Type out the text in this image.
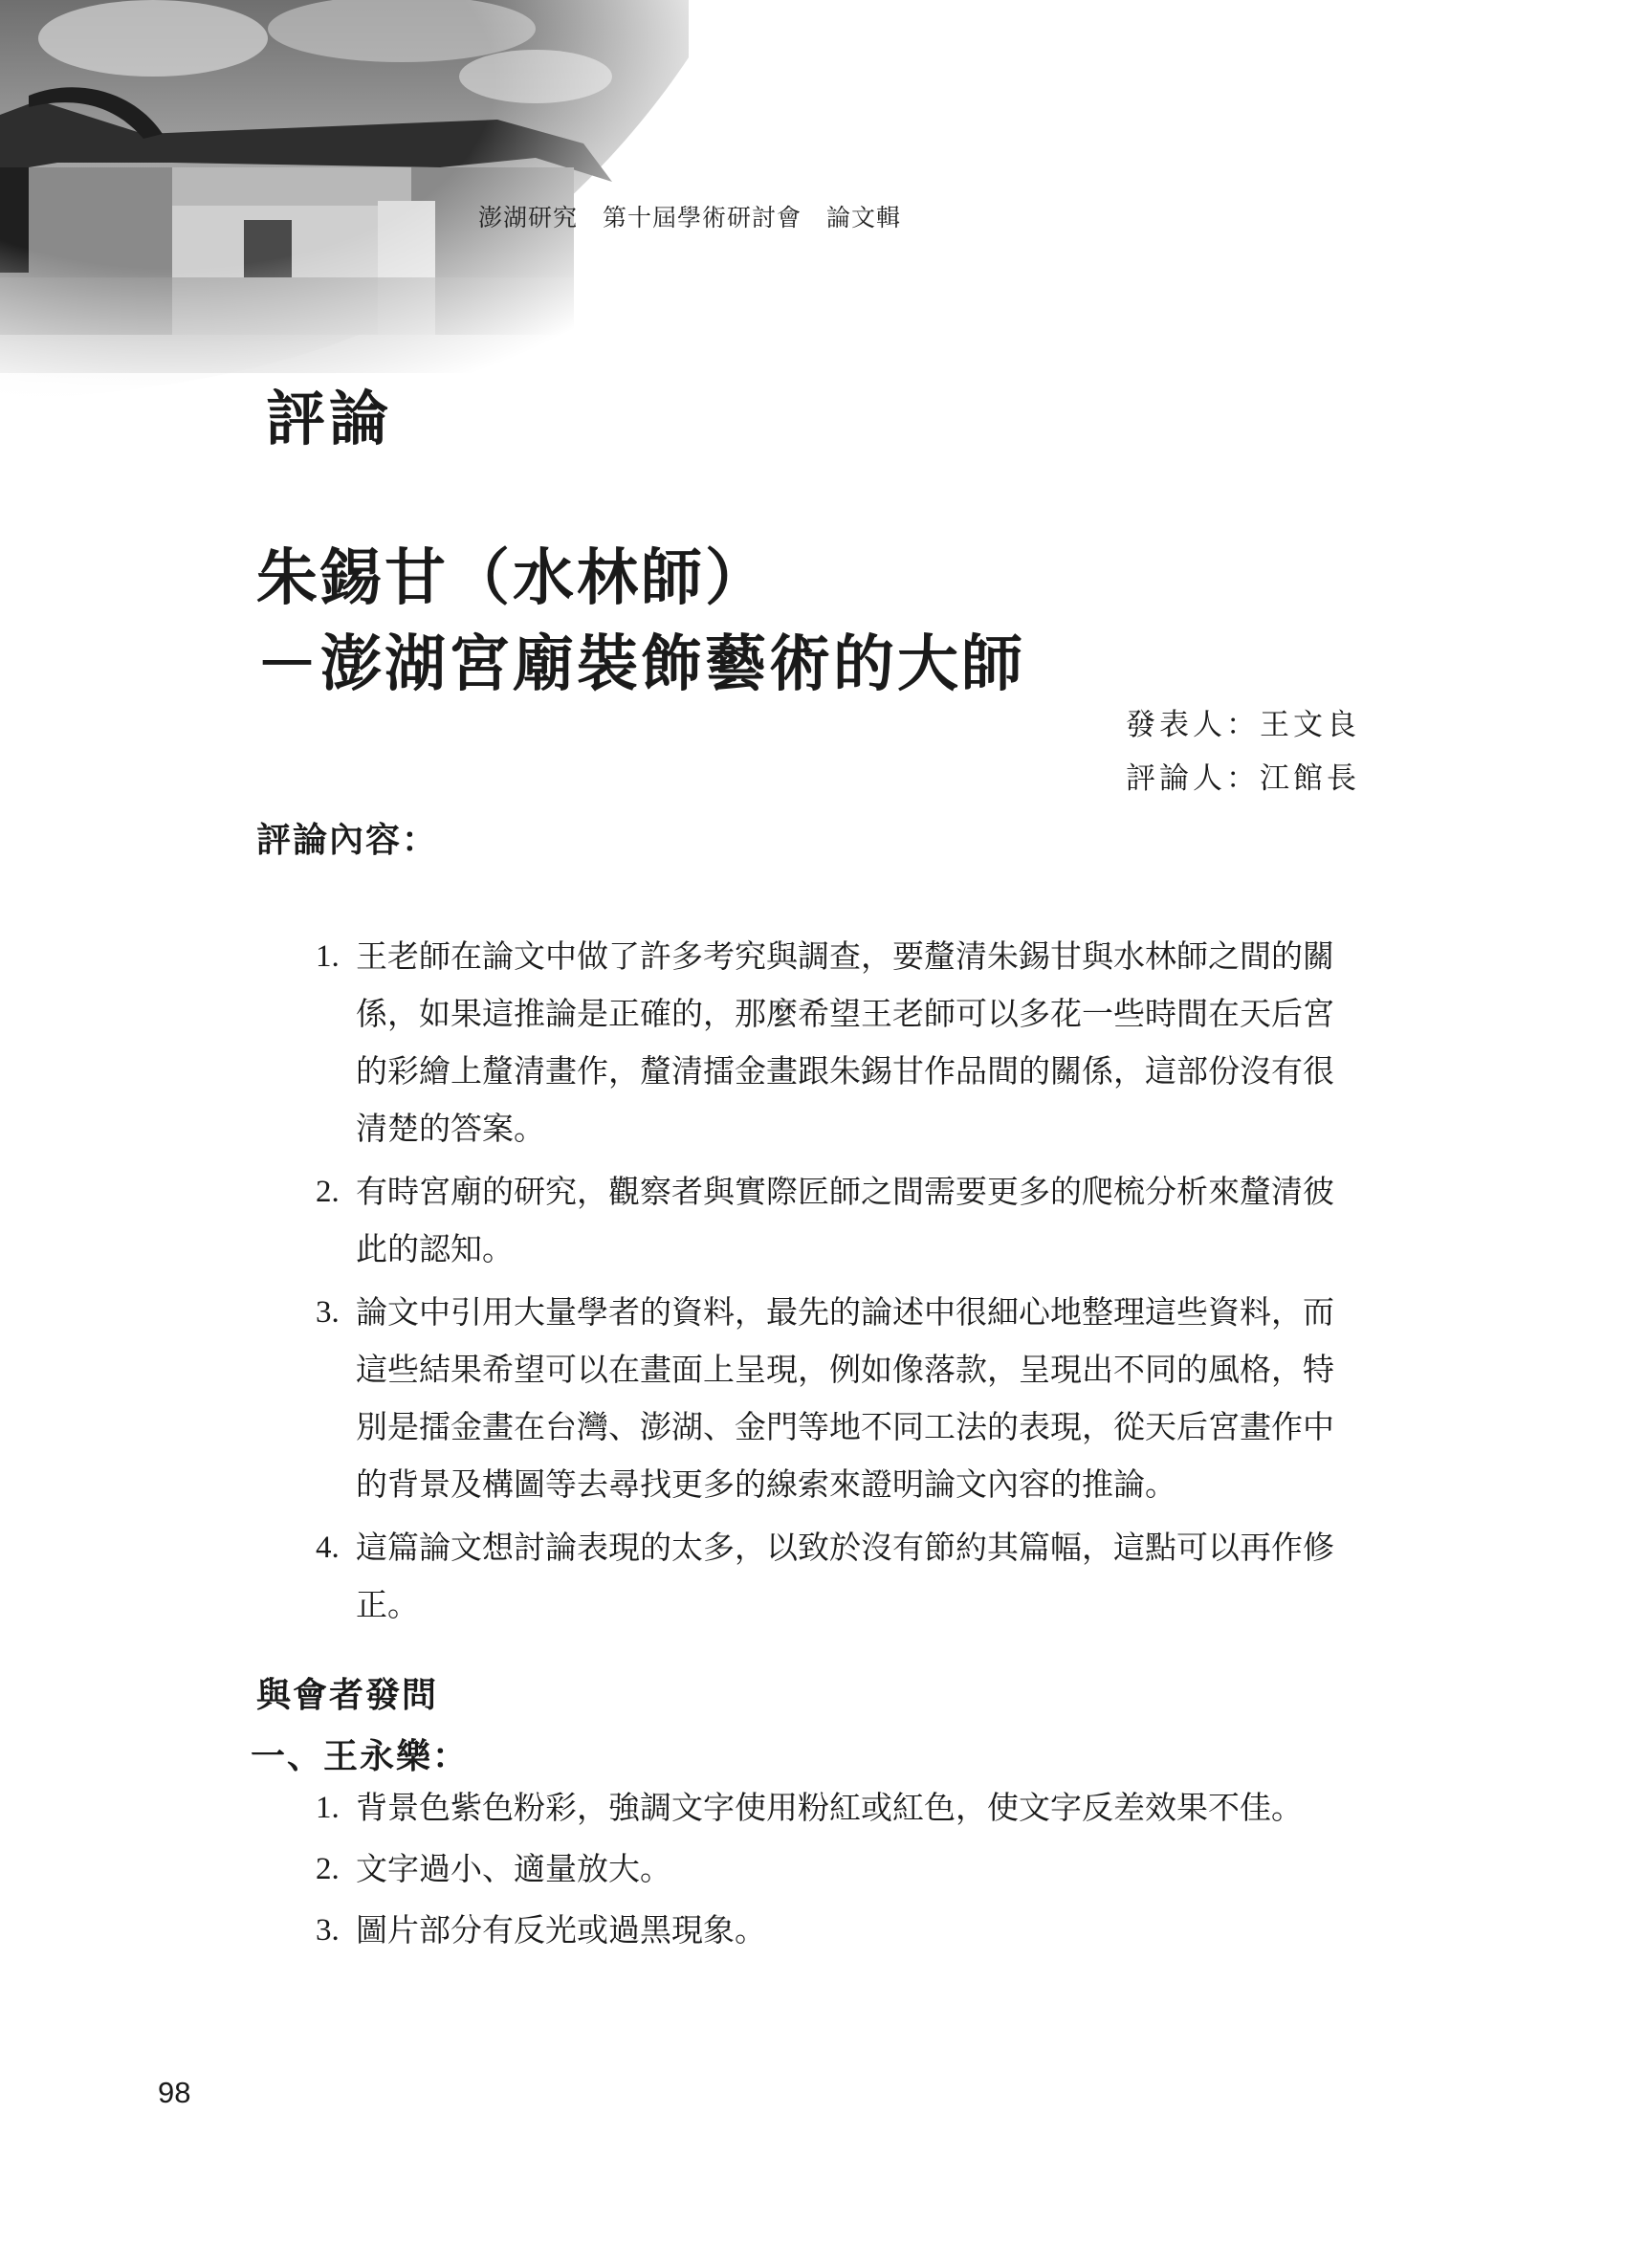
澎湖研究　第十屆學術研討會　論文輯
評論
朱錫甘（水林師）
－澎湖宮廟裝飾藝術的大師
發表人：王文良
評論人：江館長
評論內容：
1. 王老師在論文中做了許多考究與調查，要釐清朱錫甘與水林師之間的關係，如果這推論是正確的，那麼希望王老師可以多花一些時間在天后宮的彩繪上釐清畫作，釐清擂金畫跟朱錫甘作品間的關係，這部份沒有很清楚的答案。
2. 有時宮廟的研究，觀察者與實際匠師之間需要更多的爬梳分析來釐清彼此的認知。
3. 論文中引用大量學者的資料，最先的論述中很細心地整理這些資料，而這些結果希望可以在畫面上呈現，例如像落款，呈現出不同的風格，特別是擂金畫在台灣、澎湖、金門等地不同工法的表現，從天后宮畫作中的背景及構圖等去尋找更多的線索來證明論文內容的推論。
4. 這篇論文想討論表現的太多，以致於沒有節約其篇幅，這點可以再作修正。
與會者發問
一、王永樂：
1. 背景色紫色粉彩，強調文字使用粉紅或紅色，使文字反差效果不佳。
2. 文字過小、適量放大。
3. 圖片部分有反光或過黑現象。
98
